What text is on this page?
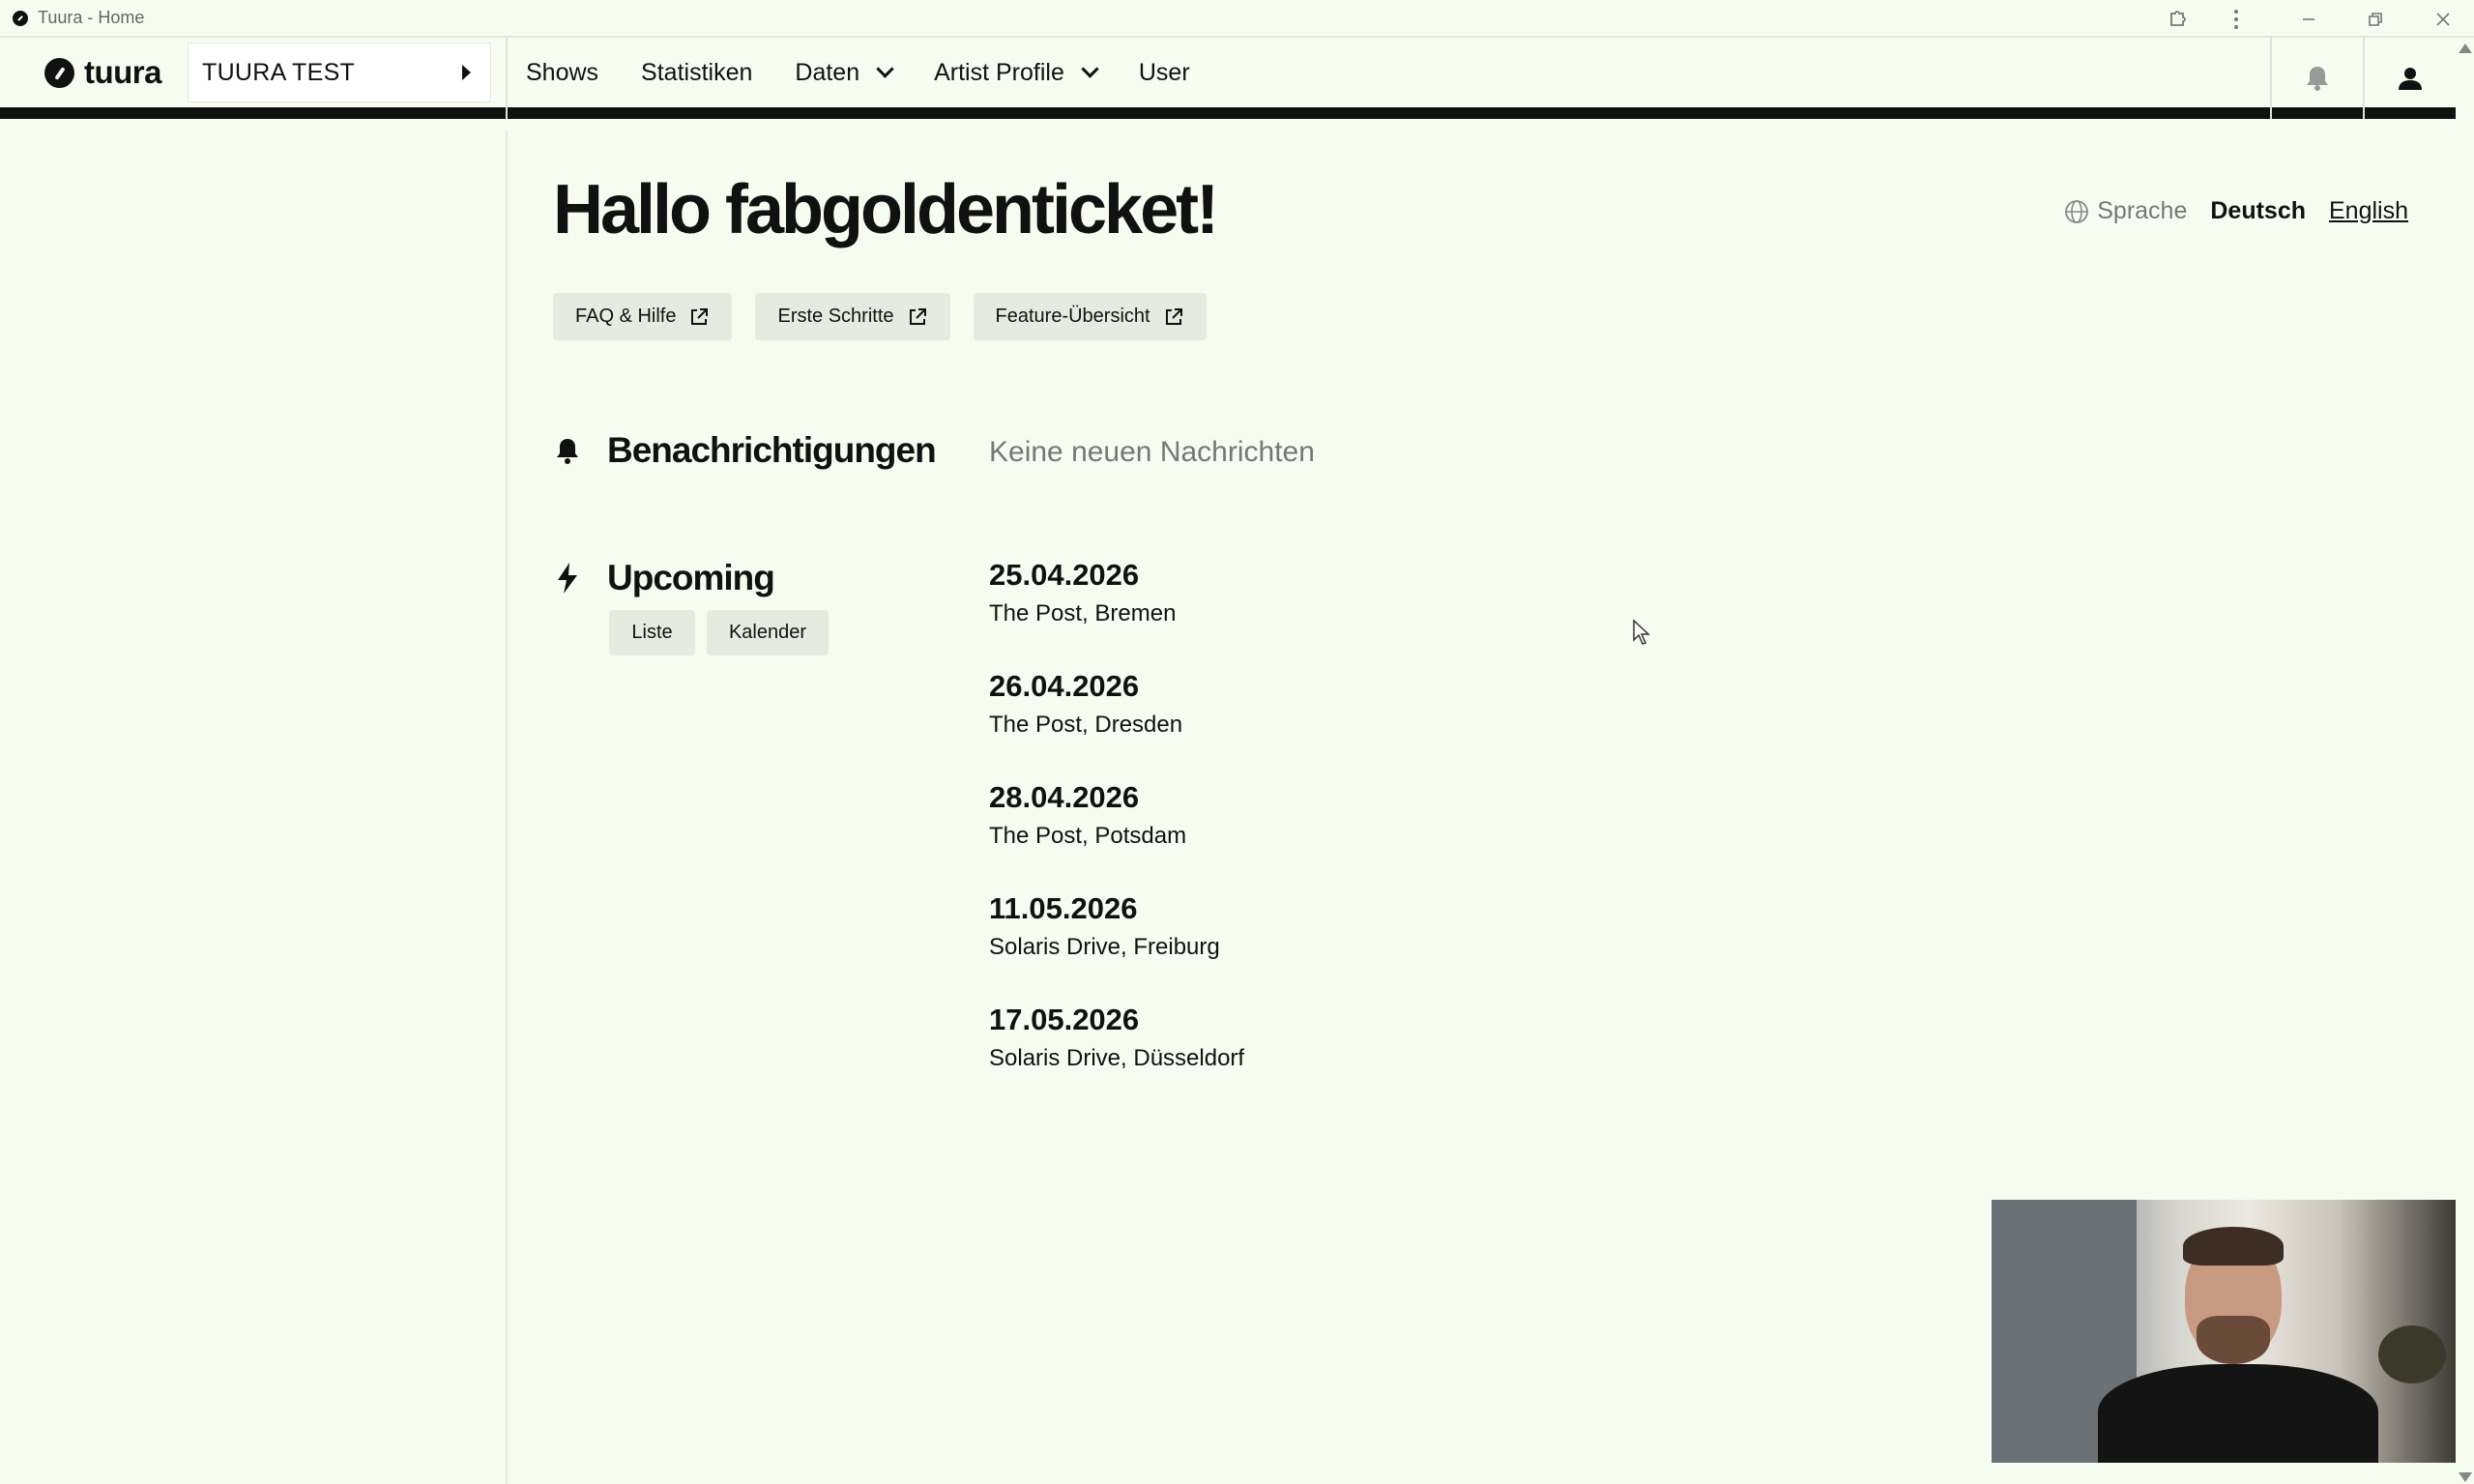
Tuura - Home
tuura TUURA TEST	Shows Statistiken Daten	Artist Profile	User
Hallo fabgoldenticket!	Sprache Deutsch English
FAQ & Hilfe	Erste Schritte	Feature-Übersicht
Benachrichtigungen Keine neuen Nachrichten
Upcoming
Liste	Kalender
25.04.2026
The Post, Bremen
26.04.2026
The Post, Dresden
28.04.2026
The Post, Potsdam
11.05.2026
Solaris Drive, Freiburg
17.05.2026
Solaris Drive, Düsseldorf
